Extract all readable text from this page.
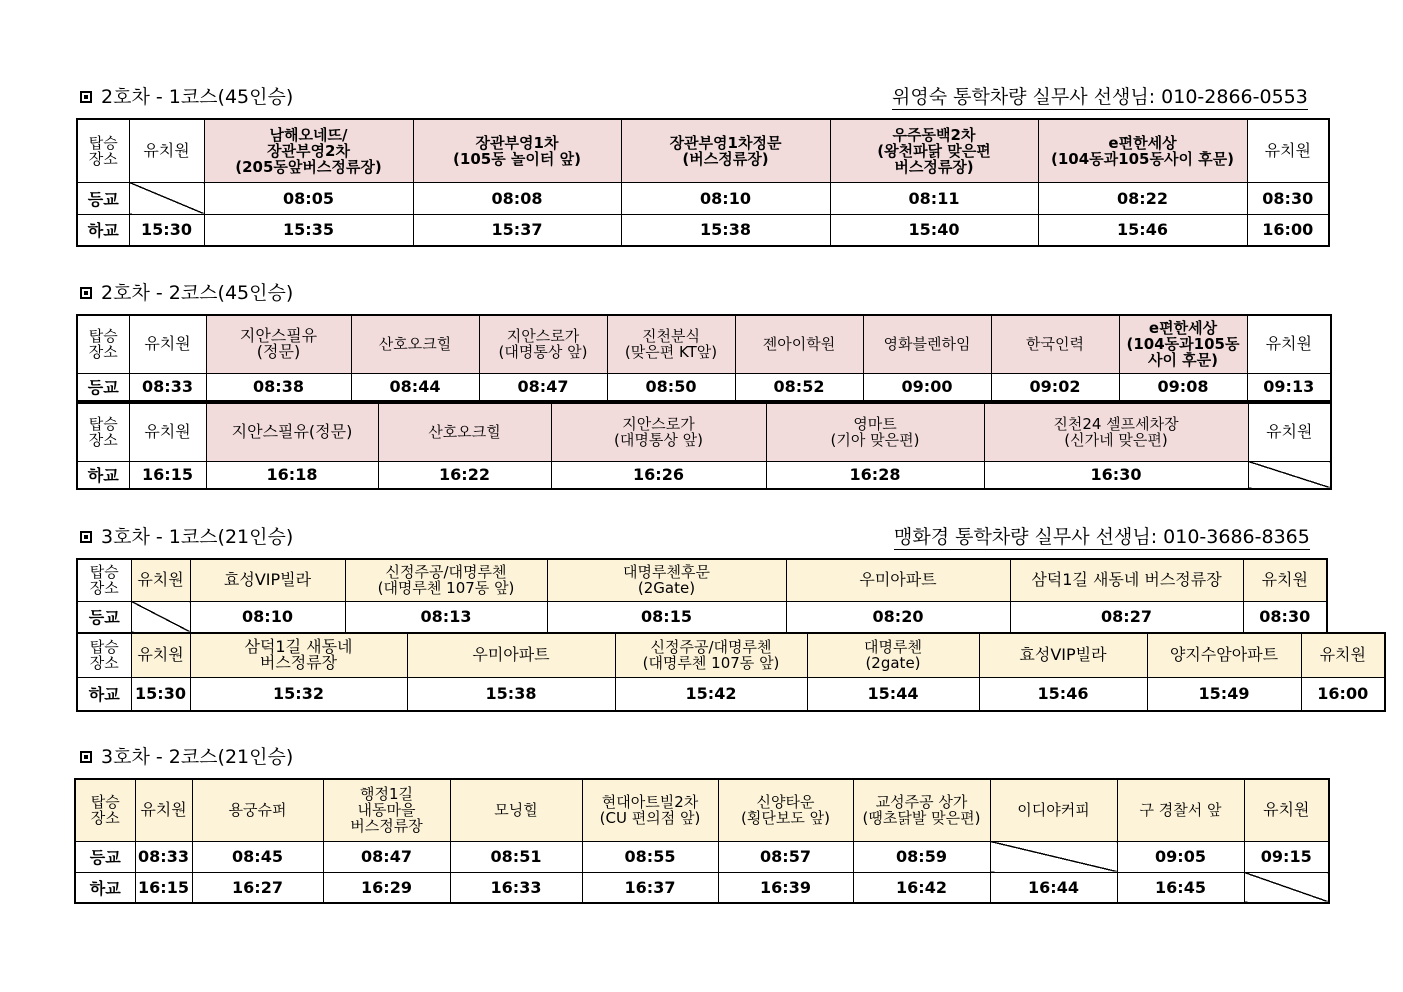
2호차 - 1코스(45인승)	위영숙 통학차량 실무사 선생님: 010-2866-0553
탑승
장소	유치원	남해오네뜨/
장관부영2차
(205동앞버스정류장)	장관부영1차
(105동 놀이터 앞)	장관부영1차정문
(버스정류장)	우주동백2차
(왕천파닭 맞은편
버스정류장)	e편한세상
(104동과105동사이 후문)	유치원
등교		08:05	08:08	08:10	08:11	08:22	08:30
하교	15:30	15:35	15:37	15:38	15:40	15:46	16:00
2호차 - 2코스(45인승)
탑승
장소	유치원	지안스필유
(정문)	산호오크힐	지안스로가
(대명통상 앞)	진천분식
(맞은편 KT앞)	젠아이학원	영화블렌하임	한국인력	e편한세상
(104동과105동
사이 후문)	유치원
등교	08:33	08:38	08:44	08:47	08:50	08:52	09:00	09:02	09:08	09:13
탑승
장소	유치원	지안스필유(정문)	산호오크힐	지안스로가
(대명통상 앞)	영마트
(기아 맞은편)	진천24 셀프세차장
(신가네 맞은편)	유치원
하교	16:15	16:18	16:22	16:26	16:28	16:30	
3호차 - 1코스(21인승)	맹화경 통학차량 실무사 선생님: 010-3686-8365
탑승
장소	유치원	효성VIP빌라	신정주공/대명루첸
(대명루첸 107동 앞)	대명루첸후문
(2Gate)	우미아파트	삼덕1길 새동네 버스정류장	유치원
등교		08:10	08:13	08:15	08:20	08:27	08:30
탑승
장소	유치원	삼덕1길 새동네
버스정류장	우미아파트	신정주공/대명루첸
(대명루첸 107동 앞)	대명루첸
(2gate)	효성VIP빌라	양지수암아파트	유치원
하교	15:30	15:32	15:38	15:42	15:44	15:46	15:49	16:00
3호차 - 2코스(21인승)
탑승
장소	유치원	용궁슈퍼	행정1길
내동마을
버스정류장	모닝힐	현대아트빌2차
(CU 편의점 앞)	신양타운
(횡단보도 앞)	교성주공 상가
(땡초닭발 맞은편)	이디야커피	구 경찰서 앞	유치원
등교	08:33	08:45	08:47	08:51	08:55	08:57	08:59		09:05	09:15
하교	16:15	16:27	16:29	16:33	16:37	16:39	16:42	16:44	16:45	
